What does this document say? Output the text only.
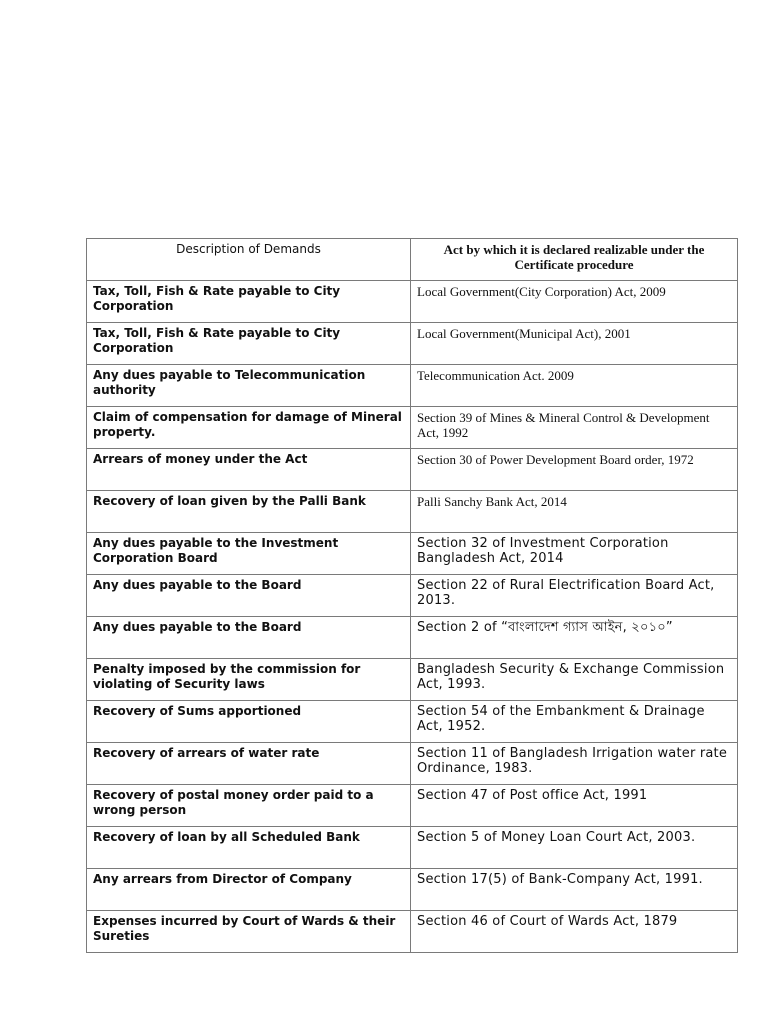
Description of Demands	Act by which it is declared realizable under the Certificate procedure
Tax, Toll, Fish & Rate payable to City Corporation	Local Government(City Corporation) Act, 2009
Tax, Toll, Fish & Rate payable to City Corporation	Local Government(Municipal Act), 2001
Any dues payable to Telecommunication authority	Telecommunication Act. 2009
Claim of compensation for damage of Mineral property.	Section 39 of Mines & Mineral Control & Development Act, 1992
Arrears of money under the Act	Section 30 of Power Development Board order, 1972
Recovery of loan given by the Palli Bank	Palli Sanchy Bank Act, 2014
Any dues payable to the Investment Corporation Board	Section 32 of Investment Corporation Bangladesh Act, 2014
Any dues payable to the Board	Section 22 of Rural Electrification Board Act, 2013.
Any dues payable to the Board	Section 2 of “বাংলাদেশ গ্যাস আইন, ২০১০”
Penalty imposed by the commission for violating of Security laws	Bangladesh Security & Exchange Commission Act, 1993.
Recovery of Sums apportioned	Section 54 of the Embankment & Drainage Act, 1952.
Recovery of arrears of water rate	Section 11 of Bangladesh Irrigation water rate Ordinance, 1983.
Recovery of postal money order paid to a wrong person	Section 47 of Post office Act, 1991
Recovery of loan by all Scheduled Bank	Section 5 of Money Loan Court Act, 2003.
Any arrears from Director of Company	Section 17(5) of Bank-Company Act, 1991.
Expenses incurred by Court of Wards & their Sureties	Section 46 of Court of Wards Act, 1879
